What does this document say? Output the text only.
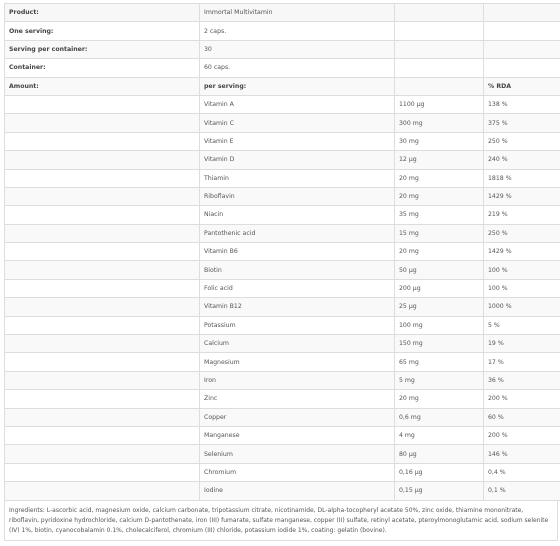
Product:	Immortal Multivitamin		
One serving:	2 caps.		
Serving per container:	30		
Container:	60 caps.		
Amount:	per serving:		% RDA
	Vitamin A	1100 µg	138 %
	Vitamin C	300 mg	375 %
	Vitamin E	30 mg	250 %
	Vitamin D	12 µg	240 %
	Thiamin	20 mg	1818 %
	Riboflavin	20 mg	1429 %
	Niacin	35 mg	219 %
	Pantothenic acid	15 mg	250 %
	Vitamin B6	20 mg	1429 %
	Biotin	50 µg	100 %
	Folic acid	200 µg	100 %
	Vitamin B12	25 µg	1000 %
	Potassium	100 mg	5 %
	Calcium	150 mg	19 %
	Magnesium	65 mg	17 %
	Iron	5 mg	36 %
	Zinc	20 mg	200 %
	Copper	0,6 mg	60 %
	Manganese	4 mg	200 %
	Selenium	80 µg	146 %
	Chromium	0,16 µg	0,4 %
	Iodine	0,15 µg	0,1 %
Ingredients: L-ascorbic acid, magnesium oxide, calcium carbonate, tripotassium citrate, nicotinamide, DL-alpha-tocopheryl acetate 50%, zinc oxide, thiamine mononitrate, riboflavin, pyridoxine hydrochloride, calcium D-pantothenate, iron (III) fumarate, sulfate manganese, copper (II) sulfate, retinyl acetate, pteroylmonoglutamic acid, sodium selenite (IV) 1%, biotin, cyanocobalamin 0.1%, cholecalciferol, chromium (III) chloride, potassium iodide 1%, coating: gelatin (bovine).
